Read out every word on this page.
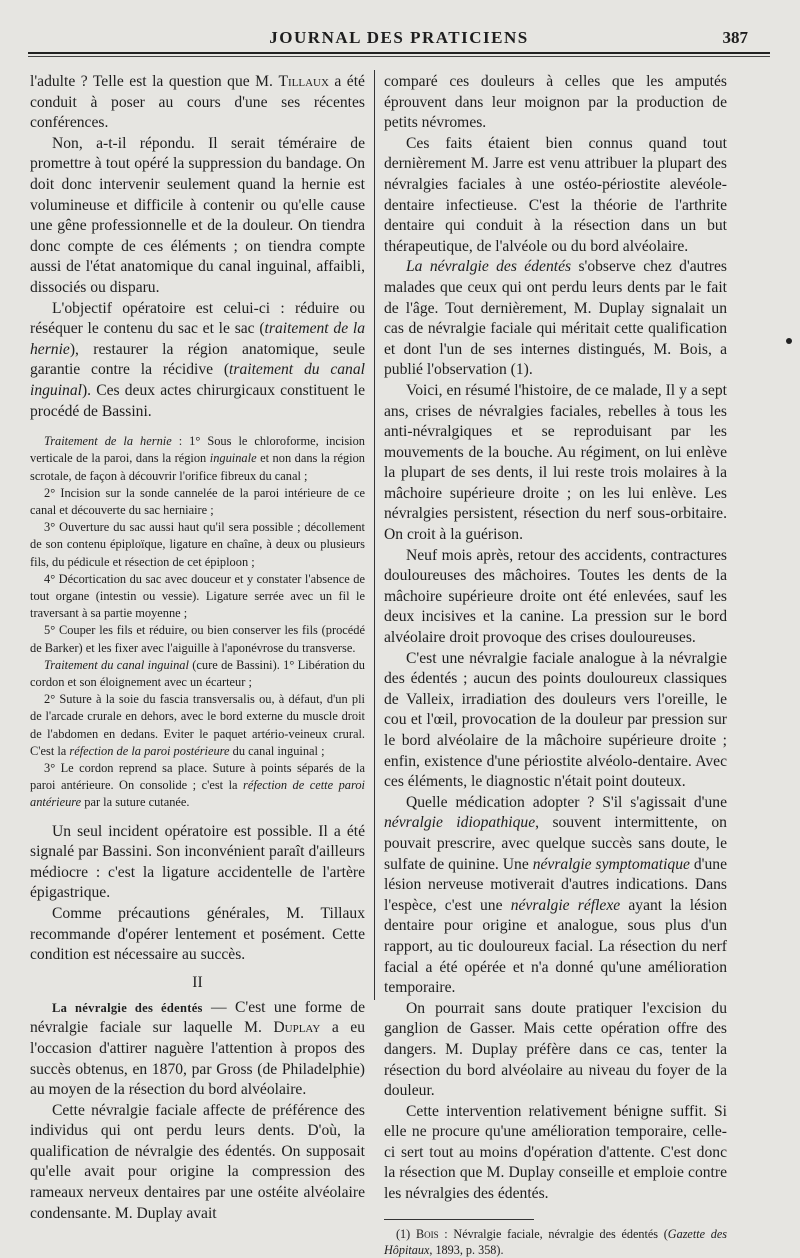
JOURNAL DES PRATICIENS	387

l'adulte ? Telle est la question que M. Tillaux a été conduit à poser au cours d'une ses récentes conférences.

Non, a-t-il répondu. Il serait téméraire de promettre à tout opéré la suppression du bandage. On doit donc intervenir seulement quand la hernie est volumineuse et difficile à contenir ou qu'elle cause une gêne professionnelle et de la douleur. On tiendra donc compte de ces éléments ; on tiendra compte aussi de l'état anatomique du canal inguinal, affaibli, dissociés ou disparu.

L'objectif opératoire est celui-ci : réduire ou réséquer le contenu du sac et le sac (traitement de la hernie), restaurer la région anatomique, seule garantie contre la récidive (traitement du canal inguinal). Ces deux actes chirurgicaux constituent le procédé de Bassini.

Traitement de la hernie : 1° Sous le chloroforme, incision verticale de la paroi, dans la région inguinale et non dans la région scrotale, de façon à découvrir l'orifice fibreux du canal ;

2° Incision sur la sonde cannelée de la paroi intérieure de ce canal et découverte du sac herniaire ;

3° Ouverture du sac aussi haut qu'il sera possible ; décollement de son contenu épiploïque, ligature en chaîne, à deux ou plusieurs fils, du pédicule et résection de cet épiploon ;

4° Décortication du sac avec douceur et y constater l'absence de tout organe (intestin ou vessie). Ligature serrée avec un fil le traversant à sa partie moyenne ;

5° Couper les fils et réduire, ou bien conserver les fils (procédé de Barker) et les fixer avec l'aiguille à l'aponévrose du transverse.

Traitement du canal inguinal (cure de Bassini). 1° Libération du cordon et son éloignement avec un écarteur ;

2° Suture à la soie du fascia transversalis ou, à défaut, d'un pli de l'arcade crurale en dehors, avec le bord externe du muscle droit de l'abdomen en dedans. Eviter le paquet artério-veineux crural. C'est la réfection de la paroi postérieure du canal inguinal ;

3° Le cordon reprend sa place. Suture à points séparés de la paroi antérieure. On consolide ; c'est la réfection de cette paroi antérieure par la suture cutanée.

Un seul incident opératoire est possible. Il a été signalé par Bassini. Son inconvénient paraît d'ailleurs médiocre : c'est la ligature accidentelle de l'artère épigastrique.

Comme précautions générales, M. Tillaux recommande d'opérer lentement et posément. Cette condition est nécessaire au succès.

II

La névralgie des édentés — C'est une forme de névralgie faciale sur laquelle M. Duplay a eu l'occasion d'attirer naguère l'attention à propos des succès obtenus, en 1870, par Gross (de Philadelphie) au moyen de la résection du bord alvéolaire.

Cette névralgie faciale affecte de préférence des individus qui ont perdu leurs dents. D'où, la qualification de névralgie des édentés. On supposait qu'elle avait pour origine la compression des rameaux nerveux dentaires par une ostéite alvéolaire condensante. M. Duplay avait

comparé ces douleurs à celles que les amputés éprouvent dans leur moignon par la production de petits névromes.

Ces faits étaient bien connus quand tout dernièrement M. Jarre est venu attribuer la plupart des névralgies faciales à une ostéo-périostite alevéole-dentaire infectieuse. C'est la théorie de l'arthrite dentaire qui conduit à la résection dans un but thérapeutique, de l'alvéole ou du bord alvéolaire.

La névralgie des édentés s'observe chez d'autres malades que ceux qui ont perdu leurs dents par le fait de l'âge. Tout dernièrement, M. Duplay signalait un cas de névralgie faciale qui méritait cette qualification et dont l'un de ses internes distingués, M. Bois, a publié l'observation (1).

Voici, en résumé l'histoire, de ce malade, Il y a sept ans, crises de névralgies faciales, rebelles à tous les anti-névralgiques et se reproduisant par les mouvements de la bouche. Au régiment, on lui enlève la plupart de ses dents, il lui reste trois molaires à la mâchoire supérieure droite ; on les lui enlève. Les névralgies persistent, résection du nerf sous-orbitaire. On croit à la guérison.

Neuf mois après, retour des accidents, contractures douloureuses des mâchoires. Toutes les dents de la mâchoire supérieure droite ont été enlevées, sauf les deux incisives et la canine. La pression sur le bord alvéolaire droit provoque des crises douloureuses.

C'est une névralgie faciale analogue à la névralgie des édentés ; aucun des points douloureux classiques de Valleix, irradiation des douleurs vers l'oreille, le cou et l'œil, provocation de la douleur par pression sur le bord alvéolaire de la mâchoire supérieure droite ; enfin, existence d'une périostite alvéolo-dentaire. Avec ces éléments, le diagnostic n'était point douteux.

Quelle médication adopter ? S'il s'agissait d'une névralgie idiopathique, souvent intermittente, on pouvait prescrire, avec quelque succès sans doute, le sulfate de quinine. Une névralgie symptomatique d'une lésion nerveuse motiverait d'autres indications. Dans l'espèce, c'est une névralgie réflexe ayant la lésion dentaire pour origine et analogue, sous plus d'un rapport, au tic douloureux facial. La résection du nerf facial a été opérée et n'a donné qu'une amélioration temporaire.

On pourrait sans doute pratiquer l'excision du ganglion de Gasser. Mais cette opération offre des dangers. M. Duplay préfère dans ce cas, tenter la résection du bord alvéolaire au niveau du foyer de la douleur.

Cette intervention relativement bénigne suffit. Si elle ne procure qu'une amélioration temporaire, celle-ci sert tout au moins d'opération d'attente. C'est donc la résection que M. Duplay conseille et emploie contre les névralgies des édentés.

(1) Bois : Névralgie faciale, névralgie des édentés (Gazette des Hôpitaux, 1893, p. 358).
